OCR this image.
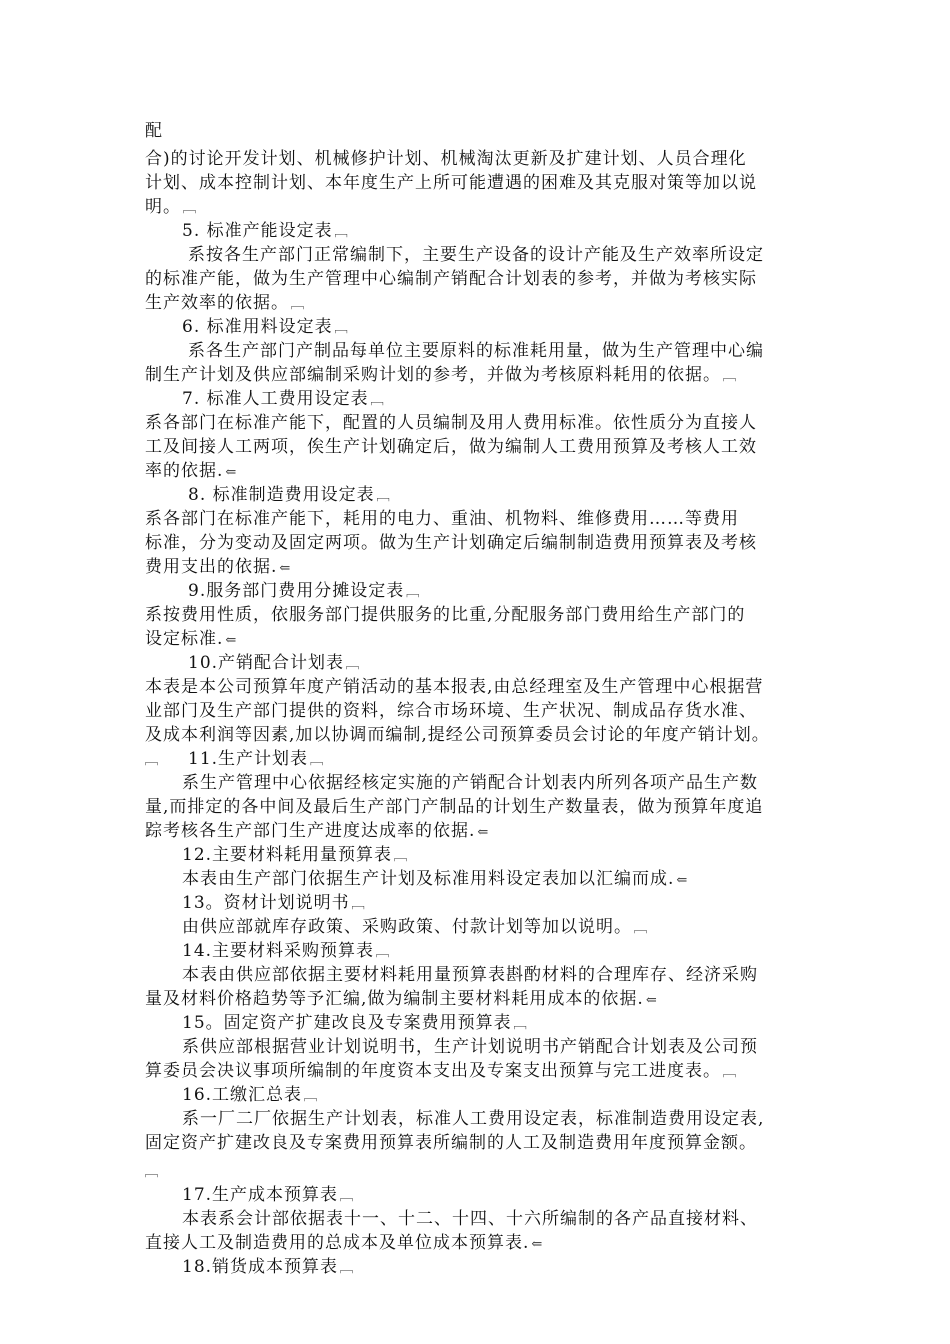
配
合)的讨论开发计划、机械修护计划、机械淘汰更新及扩建计划、人员合理化
计划、成本控制计划、本年度生产上所可能遭遇的困难及其克服对策等加以说
明。 ﹇
5. 标准产能设定表 ﹇
系按各生产部门正常编制下，主要生产设备的设计产能及生产效率所设定
的标准产能，做为生产管理中心编制产销配合计划表的参考，并做为考核实际
生产效率的依据。 ﹇
6. 标准用料设定表 ﹇
系各生产部门产制品每单位主要原料的标准耗用量，做为生产管理中心编
制生产计划及供应部编制采购计划的参考，并做为考核原料耗用的依据。 ﹇
7. 标准人工费用设定表 ﹇
系各部门在标准产能下，配置的人员编制及用人费用标准。依性质分为直接人
工及间接人工两项，俟生产计划确定后，做为编制人工费用预算及考核人工效
率的依据. ⇐
8. 标准制造费用设定表 ﹇
系各部门在标准产能下，耗用的电力、重油、机物料、维修费用……等费用
标准，分为变动及固定两项。做为生产计划确定后编制制造费用预算表及考核
费用支出的依据. ⇐
9.服务部门费用分摊设定表 ﹇
系按费用性质，依服务部门提供服务的比重,分配服务部门费用给生产部门的
设定标准. ⇐
10.产销配合计划表 ﹇
本表是本公司预算年度产销活动的基本报表,由总经理室及生产管理中心根据营
业部门及生产部门提供的资料，综合市场环境、生产状况、制成品存货水准、
及成本利润等因素,加以协调而编制,提经公司预算委员会讨论的年度产销计划。
﹇ 11.生产计划表 ﹇
系生产管理中心依据经核定实施的产销配合计划表内所列各项产品生产数
量,而排定的各中间及最后生产部门产制品的计划生产数量表，做为预算年度追
踪考核各生产部门生产进度达成率的依据. ⇐
12.主要材料耗用量预算表 ﹇
本表由生产部门依据生产计划及标准用料设定表加以汇编而成. ⇐
13。资材计划说明书 ﹇
由供应部就库存政策、采购政策、付款计划等加以说明。 ﹇
14.主要材料采购预算表 ﹇
本表由供应部依据主要材料耗用量预算表斟酌材料的合理库存、经济采购
量及材料价格趋势等予汇编,做为编制主要材料耗用成本的依据. ⇐
15。固定资产扩建改良及专案费用预算表 ﹇
系供应部根据营业计划说明书，生产计划说明书产销配合计划表及公司预
算委员会决议事项所编制的年度资本支出及专案支出预算与完工进度表。 ﹇
16.工缴汇总表 ﹇
系一厂二厂依据生产计划表，标准人工费用设定表，标准制造费用设定表,
固定资产扩建改良及专案费用预算表所编制的人工及制造费用年度预算金额。
﹇
17.生产成本预算表 ﹇
本表系会计部依据表十一、十二、十四、十六所编制的各产品直接材料、
直接人工及制造费用的总成本及单位成本预算表. ⇐
18.销货成本预算表 ﹇
